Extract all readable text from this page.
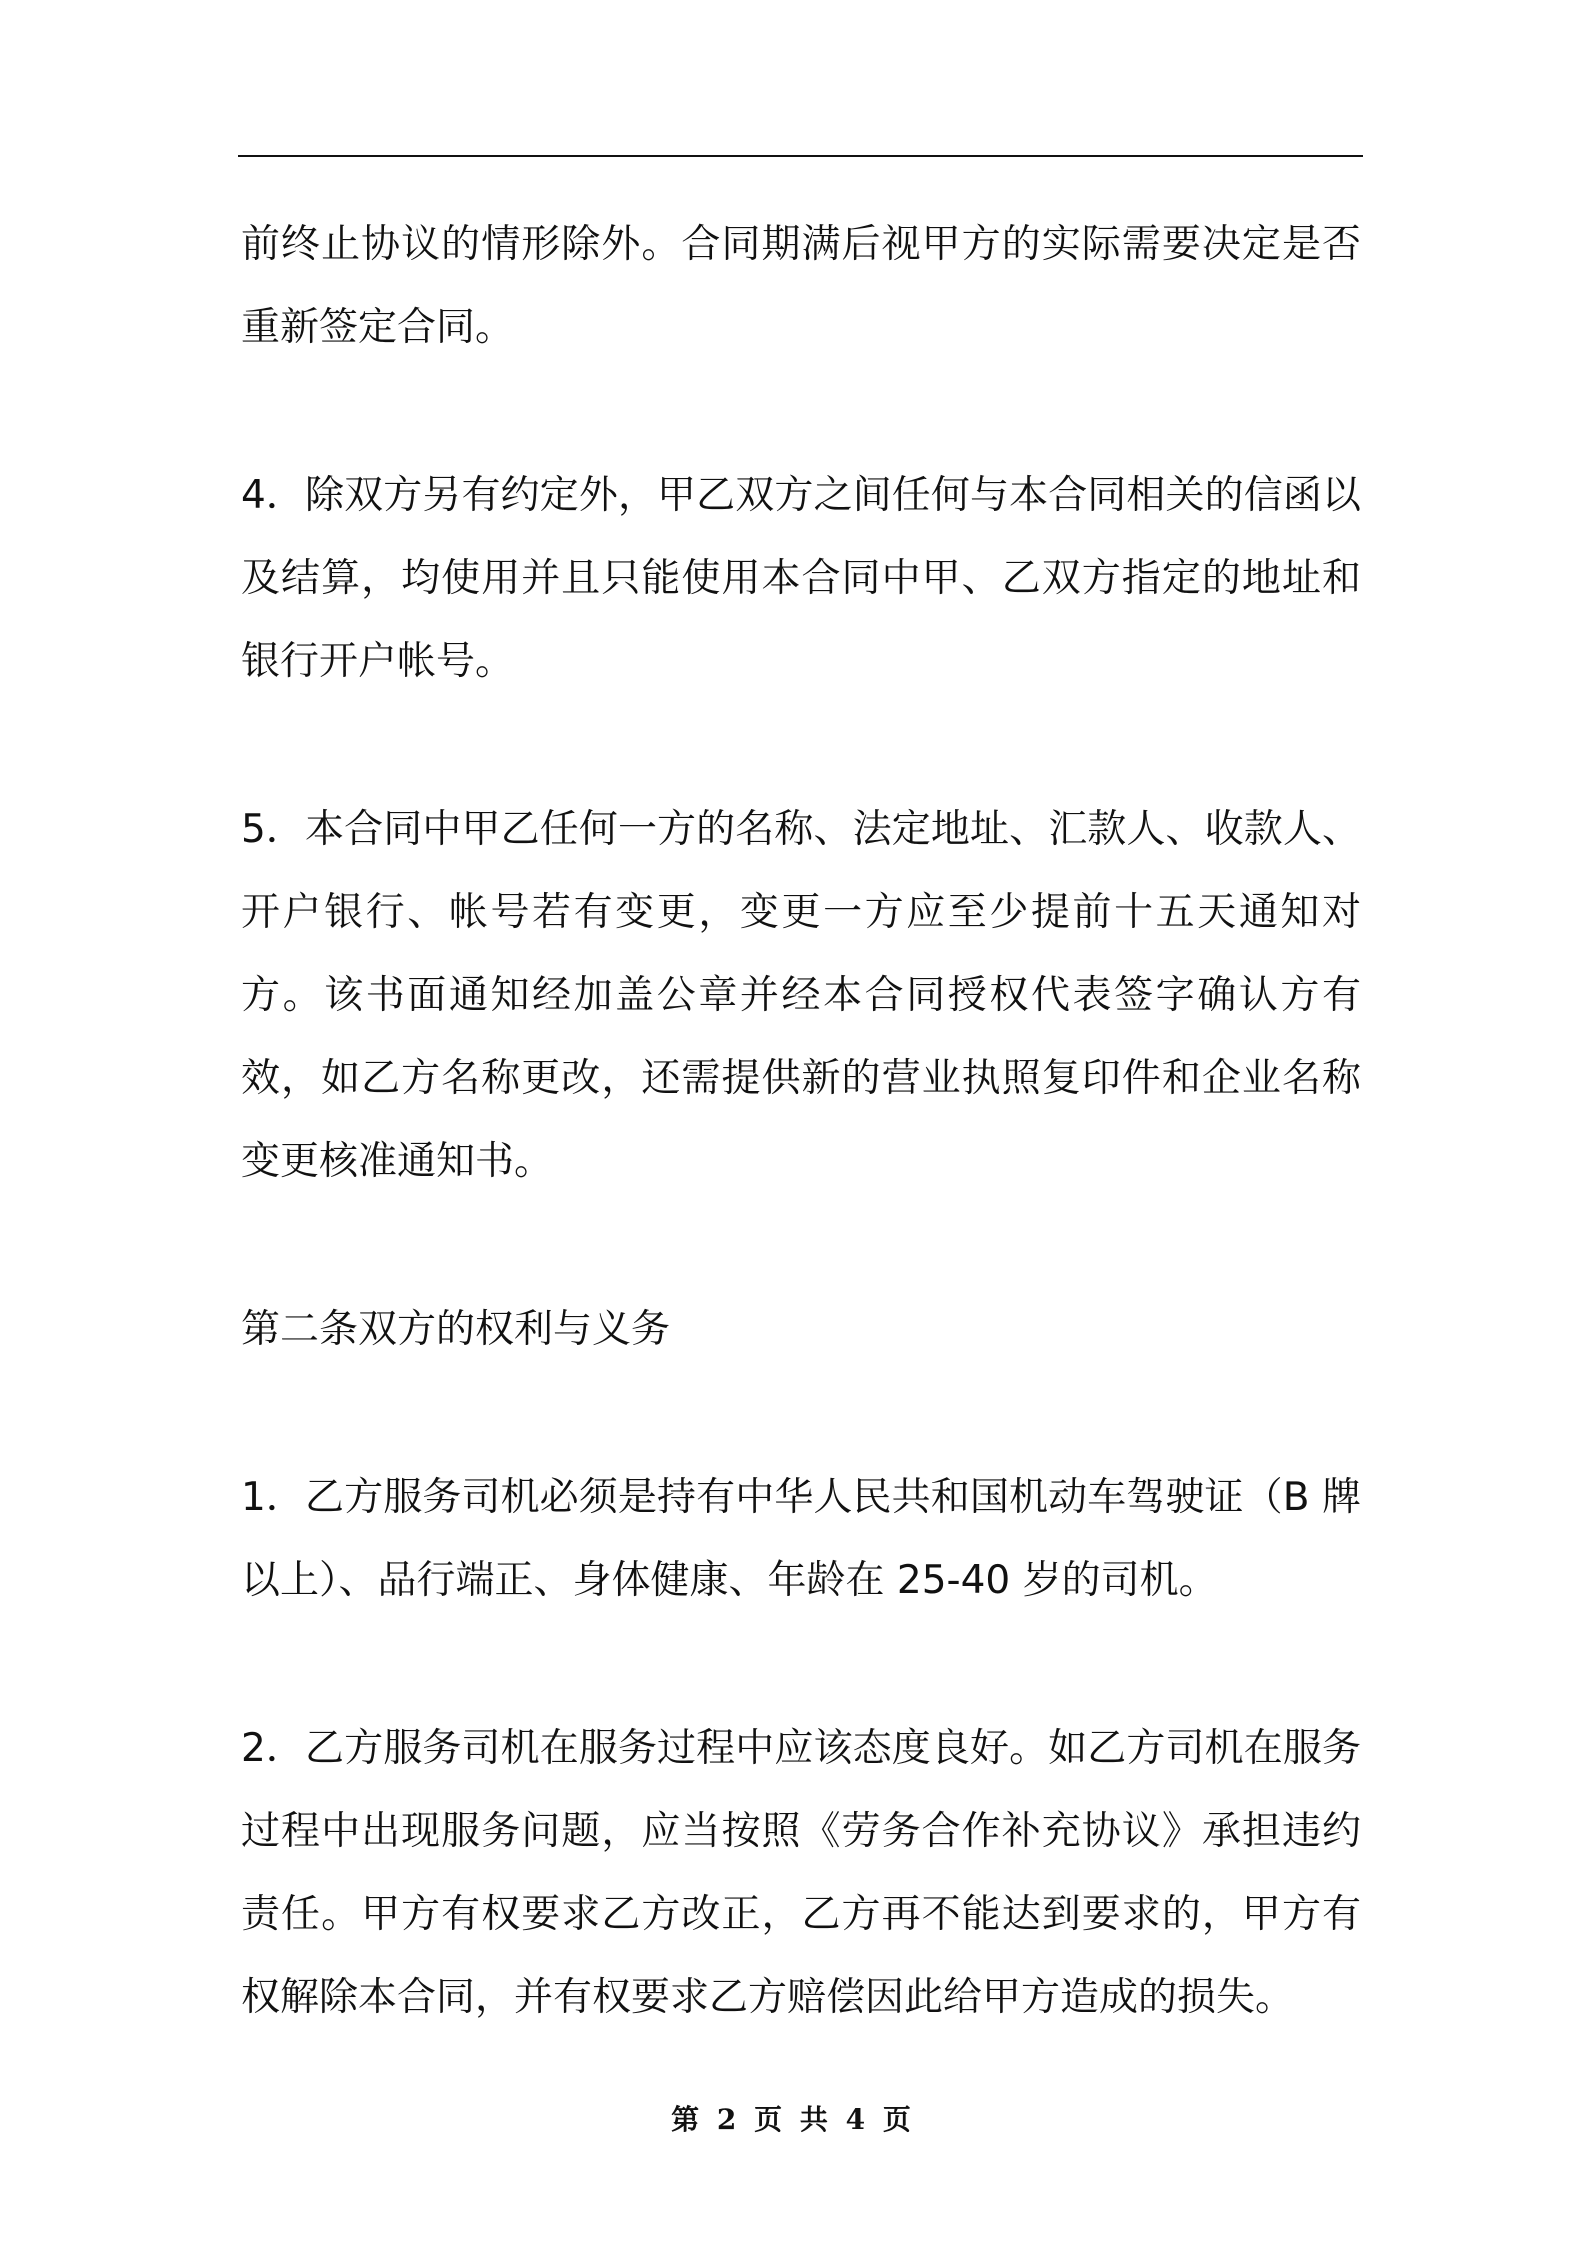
前终止协议的情形除外。合同期满后视甲方的实际需要决定是否重新签定合同。

4．除双方另有约定外，甲乙双方之间任何与本合同相关的信函以及结算，均使用并且只能使用本合同中甲、乙双方指定的地址和银行开户帐号。

5．本合同中甲乙任何一方的名称、法定地址、汇款人、收款人、开户银行、帐号若有变更，变更一方应至少提前十五天通知对方。该书面通知经加盖公章并经本合同授权代表签字确认方有效，如乙方名称更改，还需提供新的营业执照复印件和企业名称变更核准通知书。

第二条双方的权利与义务

1．乙方服务司机必须是持有中华人民共和国机动车驾驶证（B 牌以上）、品行端正、身体健康、年龄在 25-40 岁的司机。

2．乙方服务司机在服务过程中应该态度良好。如乙方司机在服务过程中出现服务问题，应当按照《劳务合作补充协议》承担违约责任。甲方有权要求乙方改正，乙方再不能达到要求的，甲方有权解除本合同，并有权要求乙方赔偿因此给甲方造成的损失。

第 2 页 共 4 页
